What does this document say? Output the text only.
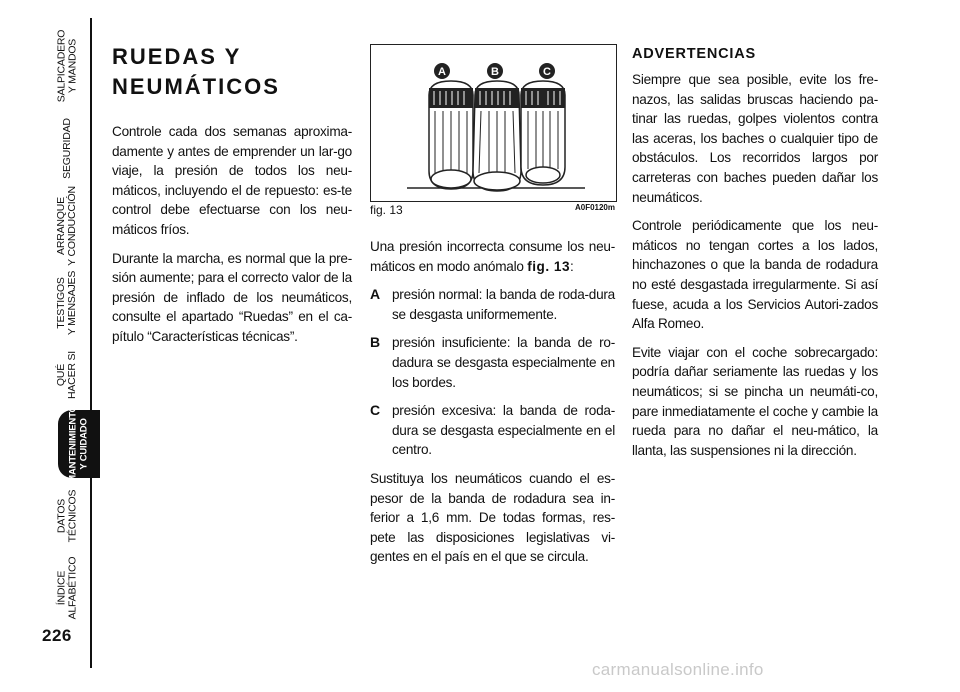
SALPICADERO
Y MANDOS
SEGURIDAD
ARRANQUE
Y CONDUCCIÓN
TESTIGOS
Y MENSAJES
QUÉ
HACER SI
MANTENIMIENTO
Y CUIDADO
DATOS
TÉCNICOS
ÍNDICE
ALFABÉTICO
226
RUEDAS Y
NEUMÁTICOS

Controle cada dos semanas aproxima-damente y antes de emprender un lar-go viaje, la presión de todos los neu-máticos, incluyendo el de repuesto: es-te control debe efectuarse con los neu-máticos fríos.

Durante la marcha, es normal que la pre-sión aumente; para el correcto valor de la presión de inflado de los neumáticos, consulte el apartado “Ruedas” en el ca-pítulo “Características técnicas”.

A	B	C
fig. 13	A0F0120m

Una presión incorrecta consume los neu-máticos en modo anómalo fig. 13:

A presión normal: la banda de roda-dura se desgasta uniformemente.

B presión insuficiente: la banda de ro-dadura se desgasta especialmente en los bordes.

C presión excesiva: la banda de roda-dura se desgasta especialmente en el centro.

Sustituya los neumáticos cuando el es-pesor de la banda de rodadura sea in-ferior a 1,6 mm. De todas formas, res-pete las disposiciones legislativas vi-gentes en el país en el que se circula.

ADVERTENCIAS

Siempre que sea posible, evite los fre-nazos, las salidas bruscas haciendo pa-tinar las ruedas, golpes violentos contra las aceras, los baches o cualquier tipo de obstáculos. Los recorridos largos por carreteras con baches pueden dañar los neumáticos.

Controle periódicamente que los neu-máticos no tengan cortes a los lados, hinchazones o que la banda de rodadura no esté desgastada irregularmente. Si así fuese, acuda a los Servicios Autori-zados Alfa Romeo.

Evite viajar con el coche sobrecargado: podría dañar seriamente las ruedas y los neumáticos; si se pincha un neumáti-co, pare inmediatamente el coche y cambie la rueda para no dañar el neu-mático, la llanta, las suspensiones ni la dirección.

carmanualsonline.info
